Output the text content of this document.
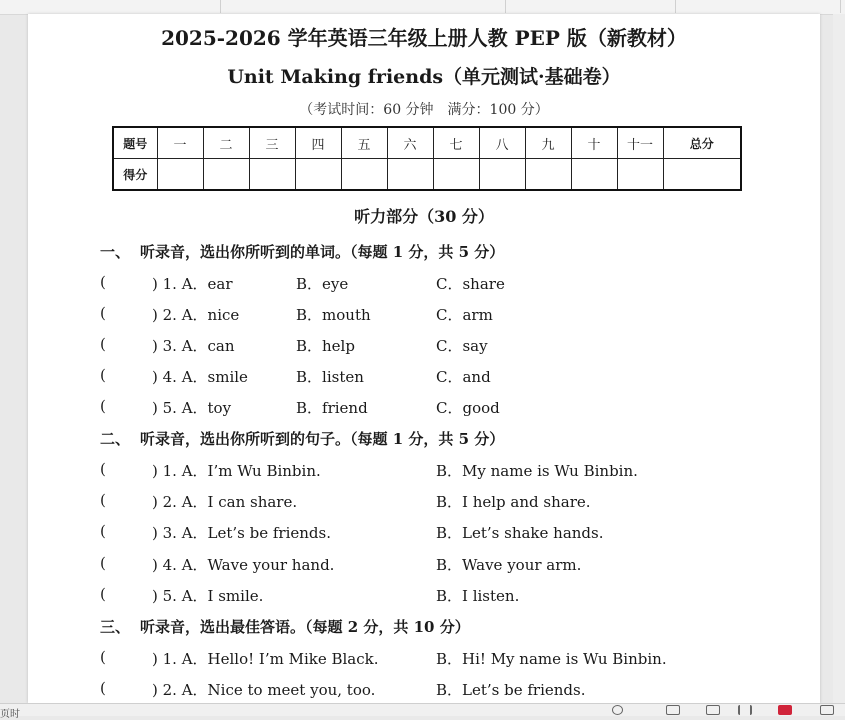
2025-2026 学年英语三年级上册人教 PEP 版（新教材）
Unit Making friends（单元测试·基础卷）
（考试时间：60 分钟　满分：100 分）
题号	一	二	三	四	五	六	七	八	九	十	十一	总分
得分												
听力部分（30 分）
一、 听录音，选出你所听到的单词。（每题 1 分，共 5 分）
(	) 1. A．ear	B．eye	C．share
(	) 2. A．nice	B．mouth	C．arm
(	) 3. A．can	B．help	C．say
(	) 4. A．smile	B．listen	C．and
(	) 5. A．toy	B．friend	C．good
二、 听录音，选出你所听到的句子。（每题 1 分，共 5 分）
(	) 1. A．I’m Wu Binbin.	B．My name is Wu Binbin.
(	) 2. A．I can share.	B．I help and share.
(	) 3. A．Let’s be friends.	B．Let’s shake hands.
(	) 4. A．Wave your hand.	B．Wave your arm.
(	) 5. A．I smile.	B．I listen.
三、 听录音，选出最佳答语。（每题 2 分，共 10 分）
(	) 1. A．Hello! I’m Mike Black.	B．Hi! My name is Wu Binbin.
(	) 2. A．Nice to meet you, too.	B．Let’s be friends.
页时
